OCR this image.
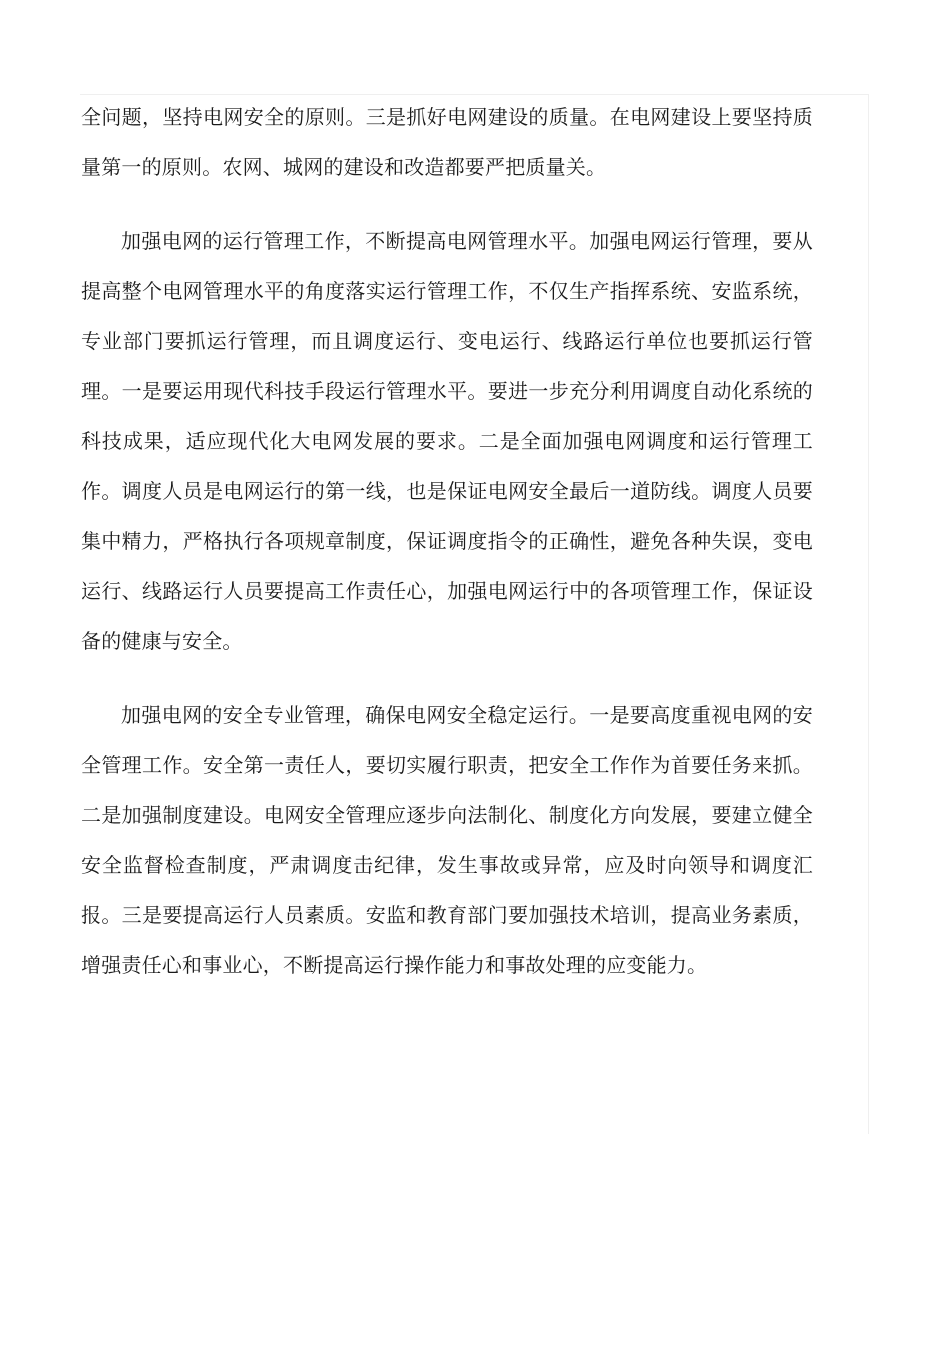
全问题，坚持电网安全的原则。三是抓好电网建设的质量。在电网建设上要坚持质量第一的原则。农网、城网的建设和改造都要严把质量关。

加强电网的运行管理工作，不断提高电网管理水平。加强电网运行管理，要从提高整个电网管理水平的角度落实运行管理工作，不仅生产指挥系统、安监系统，专业部门要抓运行管理，而且调度运行、变电运行、线路运行单位也要抓运行管理。一是要运用现代科技手段运行管理水平。要进一步充分利用调度自动化系统的科技成果，适应现代化大电网发展的要求。二是全面加强电网调度和运行管理工作。调度人员是电网运行的第一线，也是保证电网安全最后一道防线。调度人员要集中精力，严格执行各项规章制度，保证调度指令的正确性，避免各种失误，变电运行、线路运行人员要提高工作责任心，加强电网运行中的各项管理工作，保证设备的健康与安全。

加强电网的安全专业管理，确保电网安全稳定运行。一是要高度重视电网的安全管理工作。安全第一责任人，要切实履行职责，把安全工作作为首要任务来抓。二是加强制度建设。电网安全管理应逐步向法制化、制度化方向发展，要建立健全安全监督检查制度，严肃调度击纪律，发生事故或异常，应及时向领导和调度汇报。三是要提高运行人员素质。安监和教育部门要加强技术培训，提高业务素质，增强责任心和事业心，不断提高运行操作能力和事故处理的应变能力。
